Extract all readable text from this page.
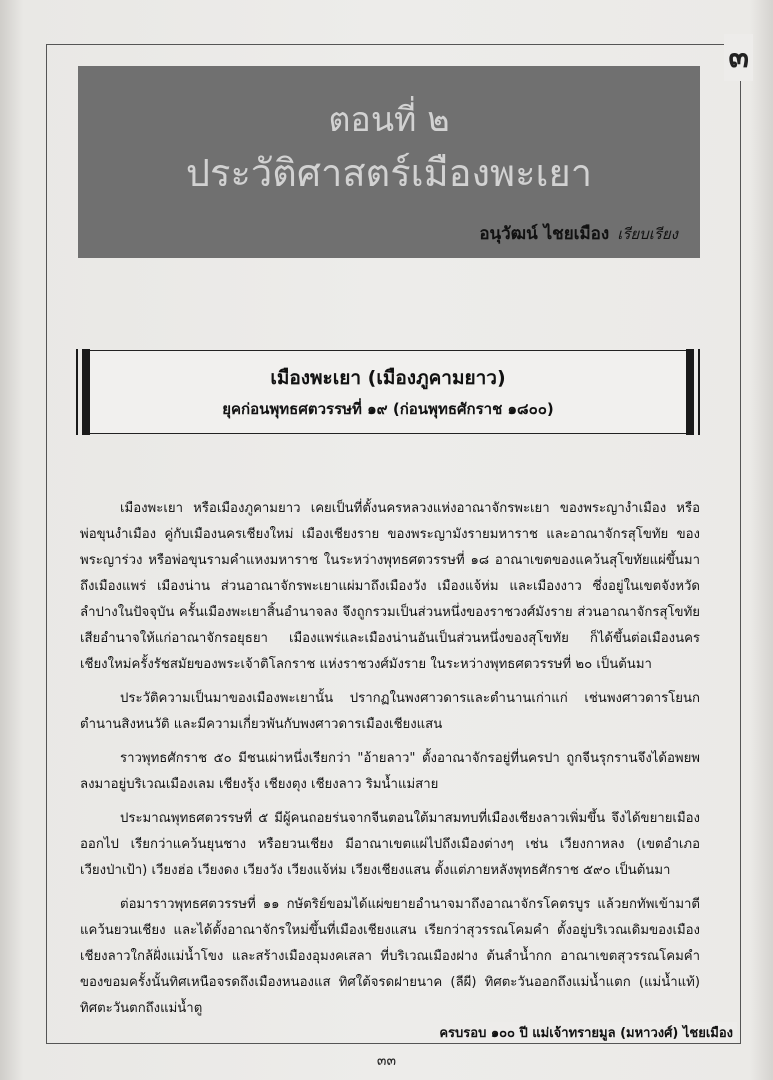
๓
ตอนที่ ๒
ประวัติศาสตร์เมืองพะเยา
อนุวัฒน์ ไชยเมือง เรียบเรียง
เมืองพะเยา (เมืองภูคามยาว)
ยุคก่อนพุทธศตวรรษที่ ๑๙ (ก่อนพุทธศักราช ๑๘๐๐)

เมืองพะเยา หรือเมืองภูคามยาว เคยเป็นที่ตั้งนครหลวงแห่งอาณาจักรพะเยา ของพระญางำเมือง หรือพ่อขุนงำเมือง คู่กับเมืองนครเชียงใหม่ เมืองเชียงราย ของพระญามังรายมหาราช และอาณาจักรสุโขทัย ของพระญาร่วง หรือพ่อขุนรามคำแหงมหาราช ในระหว่างพุทธศตวรรษที่ ๑๘ อาณาเขตของแคว้นสุโขทัยแผ่ขึ้นมาถึงเมืองแพร่ เมืองน่าน ส่วนอาณาจักรพะเยาแผ่มาถึงเมืองวัง เมืองแจ้ห่ม และเมืองงาว ซึ่งอยู่ในเขตจังหวัดลำปางในปัจจุบัน ครั้นเมืองพะเยาสิ้นอำนาจลง จึงถูกรวมเป็นส่วนหนึ่งของราชวงศ์มังราย ส่วนอาณาจักรสุโขทัยเสียอำนาจให้แก่อาณาจักรอยุธยา เมืองแพร่และเมืองน่านอันเป็นส่วนหนึ่งของสุโขทัย ก็ได้ขึ้นต่อเมืองนครเชียงใหม่ครั้งรัชสมัยของพระเจ้าติโลกราช แห่งราชวงศ์มังราย ในระหว่างพุทธศตวรรษที่ ๒๐ เป็นต้นมา

ประวัติความเป็นมาของเมืองพะเยานั้น ปรากฏในพงศาวดารและตำนานเก่าแก่ เช่นพงศาวดารโยนก ตำนานสิงหนวัติ และมีความเกี่ยวพันกับพงศาวดารเมืองเชียงแสน

ราวพุทธศักราช ๕๐ มีชนเผ่าหนึ่งเรียกว่า "อ้ายลาว" ตั้งอาณาจักรอยู่ที่นครปา ถูกจีนรุกรานจึงได้อพยพลงมาอยู่บริเวณเมืองเลม เชียงรุ้ง เชียงตุง เชียงลาว ริมน้ำแม่สาย

ประมาณพุทธศตวรรษที่ ๕ มีผู้คนถอยร่นจากจีนตอนใต้มาสมทบที่เมืองเชียงลาวเพิ่มขึ้น จึงได้ขยายเมืองออกไป เรียกว่าแคว้นยุนชาง หรือยวนเชียง มีอาณาเขตแผ่ไปถึงเมืองต่างๆ เช่น เวียงกาหลง (เขตอำเภอเวียงป่าเป้า) เวียงฮ่อ เวียงดง เวียงวัง เวียงแจ้ห่ม เวียงเชียงแสน ตั้งแต่ภายหลังพุทธศักราช ๕๙๐ เป็นต้นมา

ต่อมาราวพุทธศตวรรษที่ ๑๑ กษัตริย์ขอมได้แผ่ขยายอำนาจมาถึงอาณาจักรโคตรบูร แล้วยกทัพเข้ามาตีแคว้นยวนเชียง และได้ตั้งอาณาจักรใหม่ขึ้นที่เมืองเชียงแสน เรียกว่าสุวรรณโคมคำ ตั้งอยู่บริเวณเดิมของเมืองเชียงลาวใกล้ฝั่งแม่น้ำโขง และสร้างเมืองอุมงคเสลา ที่บริเวณเมืองฝาง ต้นลำน้ำกก อาณาเขตสุวรรณโคมคำของขอมครั้งนั้นทิศเหนือจรดถึงเมืองหนองแส ทิศใต้จรดฝายนาค (ลีผี) ทิศตะวันออกถึงแม่น้ำแตก (แม่น้ำแท้) ทิศตะวันตกถึงแม่น้ำตู

ครบรอบ ๑๐๐ ปี แม่เจ้าทรายมูล (มหาวงศ์) ไชยเมือง
๓๓
